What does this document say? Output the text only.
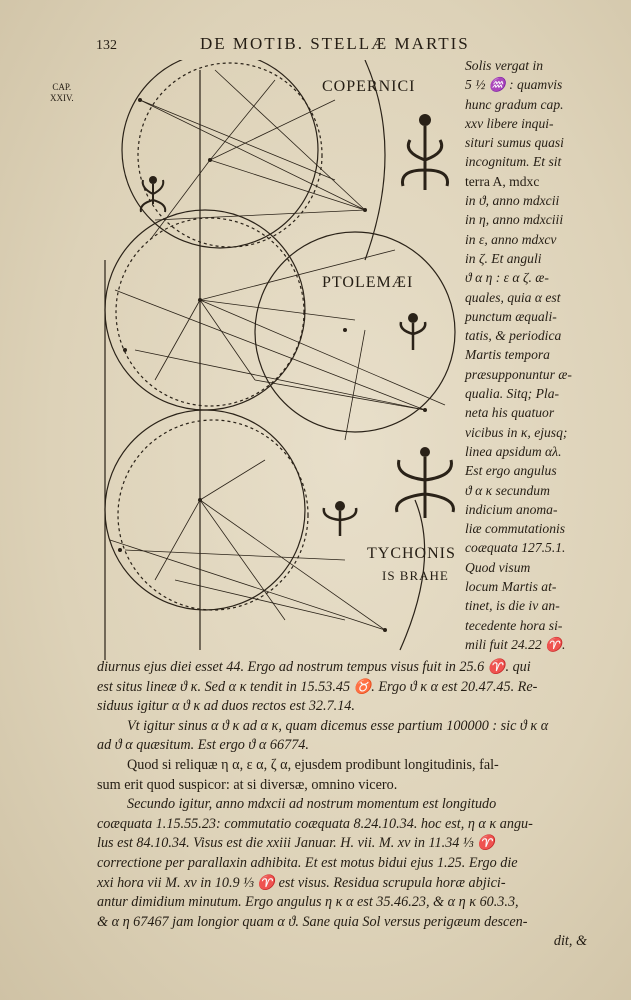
132	DE MOTIB. STELLÆ MARTIS
CAP.
XXIV.
COPERNICI
PTOLEMÆI
TYCHONIS
IS BRAHE
Solis vergat in
5 ½ ♒ : quamvis
hunc gradum cap.
xxv libere inqui-
situri sumus quasi
incognitum. Et sit
terra A, mdxc
in ϑ, anno mdxcii
in η, anno mdxciii
in ε, anno mdxcv
in ζ. Et anguli
ϑ α η : ε α ζ. æ-
quales, quia α est
punctum æquali-
tatis, & periodica
Martis tempora
præsupponuntur æ-
qualia. Sitq; Pla-
neta his quatuor
vicibus in κ, ejusq;
linea apsidum αλ.
Est ergo angulus
ϑ α κ secundum
indicium anoma-
liæ commutationis
coæquata 127.5.1.
Quod visum
locum Martis at-
tinet, is die iv an-
tecedente hora si-
mili fuit 24.22 ♈.
diurnus ejus diei esset 44. Ergo ad nostrum tempus visus fuit in 25.6 ♈. qui
est situs lineæ ϑ κ. Sed α κ tendit in 15.53.45 ♉. Ergo ϑ κ α est 20.47.45. Re-
siduus igitur α ϑ κ ad duos rectos est 32.7.14.
Vt igitur sinus α ϑ κ ad α κ, quam dicemus esse partium 100000 : sic ϑ κ α
ad ϑ α quæsitum. Est ergo ϑ α 66774.
Quod si reliquæ η α, ε α, ζ α, ejusdem prodibunt longitudinis, fal-
sum erit quod suspicor: at si diversæ, omnino vicero.
Secundo igitur, anno mdxcii ad nostrum momentum est longitudo
coæquata 1.15.55.23: commutatio coæquata 8.24.10.34. hoc est, η α κ angu-
lus est 84.10.34. Visus est die xxiii Januar. H. vii. M. xv in 11.34 ⅓ ♈
correctione per parallaxin adhibita. Et est motus bidui ejus 1.25. Ergo die
xxi hora vii M. xv in 10.9 ⅓ ♈ est visus. Residua scrupula horæ abjici-
antur dimidium minutum. Ergo angulus η κ α est 35.46.23, & α η κ 60.3.3,
& α η 67467 jam longior quam α ϑ. Sane quia Sol versus perigæum descen-
dit, &
